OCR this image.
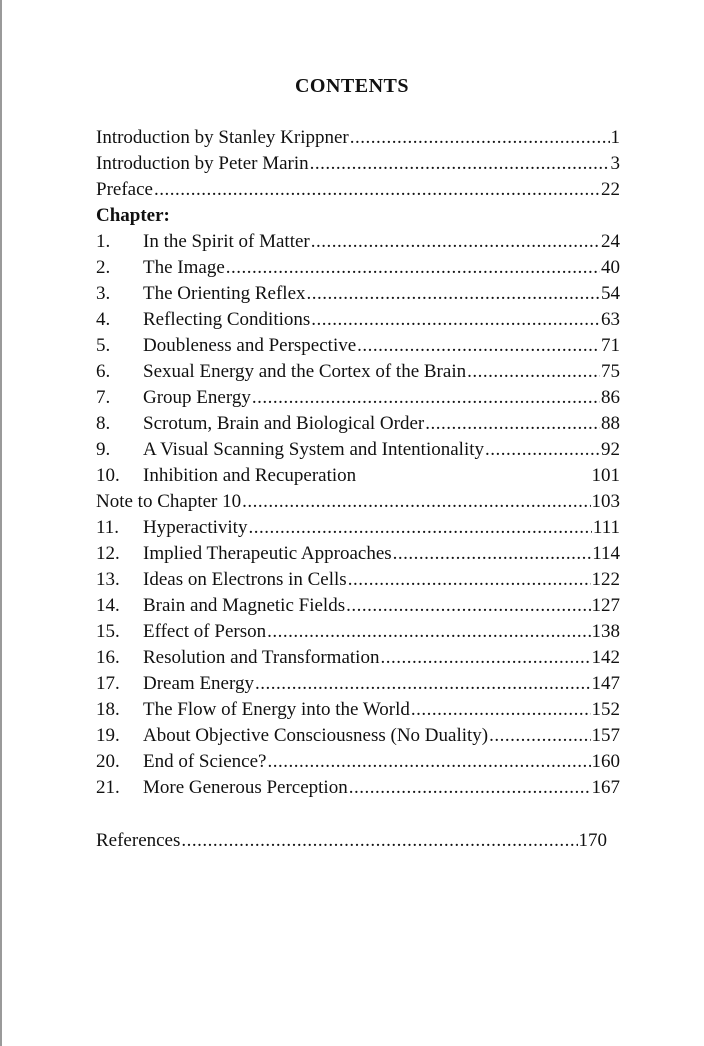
CONTENTS
Introduction by Stanley Krippner .....	1
Introduction by Peter Marin .....	3
Preface .....	22
Chapter:
1.	In the Spirit of Matter .....	24
2.	The Image .....	40
3.	The Orienting Reflex .....	54
4.	Reflecting Conditions .....	63
5.	Doubleness and Perspective .....	71
6.	Sexual Energy and the Cortex of the Brain .....	75
7.	Group Energy .....	86
8.	Scrotum, Brain and Biological Order .....	88
9.	A Visual Scanning System and Intentionality .....	92
10.	Inhibition and Recuperation	101
Note to Chapter 10 .....	103
11.	Hyperactivity .....	111
12.	Implied Therapeutic Approaches .....	114
13.	Ideas on Electrons in Cells .....	122
14.	Brain and Magnetic Fields .....	127
15.	Effect of Person .....	138
16.	Resolution and Transformation .....	142
17.	Dream Energy .....	147
18.	The Flow of Energy into the World .....	152
19.	About Objective Consciousness (No Duality) .....	157
20.	End of Science? .....	160
21.	More Generous Perception .....	167
References .....	170
